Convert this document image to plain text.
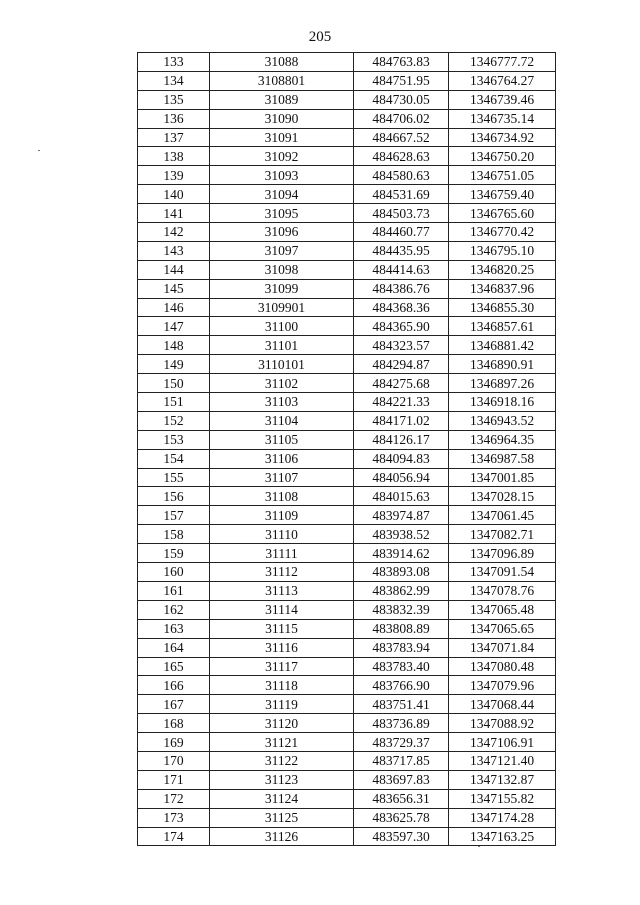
205
133	31088	484763.83	1346777.72
134	3108801	484751.95	1346764.27
135	31089	484730.05	1346739.46
136	31090	484706.02	1346735.14
137	31091	484667.52	1346734.92
138	31092	484628.63	1346750.20
139	31093	484580.63	1346751.05
140	31094	484531.69	1346759.40
141	31095	484503.73	1346765.60
142	31096	484460.77	1346770.42
143	31097	484435.95	1346795.10
144	31098	484414.63	1346820.25
145	31099	484386.76	1346837.96
146	3109901	484368.36	1346855.30
147	31100	484365.90	1346857.61
148	31101	484323.57	1346881.42
149	3110101	484294.87	1346890.91
150	31102	484275.68	1346897.26
151	31103	484221.33	1346918.16
152	31104	484171.02	1346943.52
153	31105	484126.17	1346964.35
154	31106	484094.83	1346987.58
155	31107	484056.94	1347001.85
156	31108	484015.63	1347028.15
157	31109	483974.87	1347061.45
158	31110	483938.52	1347082.71
159	31111	483914.62	1347096.89
160	31112	483893.08	1347091.54
161	31113	483862.99	1347078.76
162	31114	483832.39	1347065.48
163	31115	483808.89	1347065.65
164	31116	483783.94	1347071.84
165	31117	483783.40	1347080.48
166	31118	483766.90	1347079.96
167	31119	483751.41	1347068.44
168	31120	483736.89	1347088.92
169	31121	483729.37	1347106.91
170	31122	483717.85	1347121.40
171	31123	483697.83	1347132.87
172	31124	483656.31	1347155.82
173	31125	483625.78	1347174.28
174	31126	483597.30	1347163.25
